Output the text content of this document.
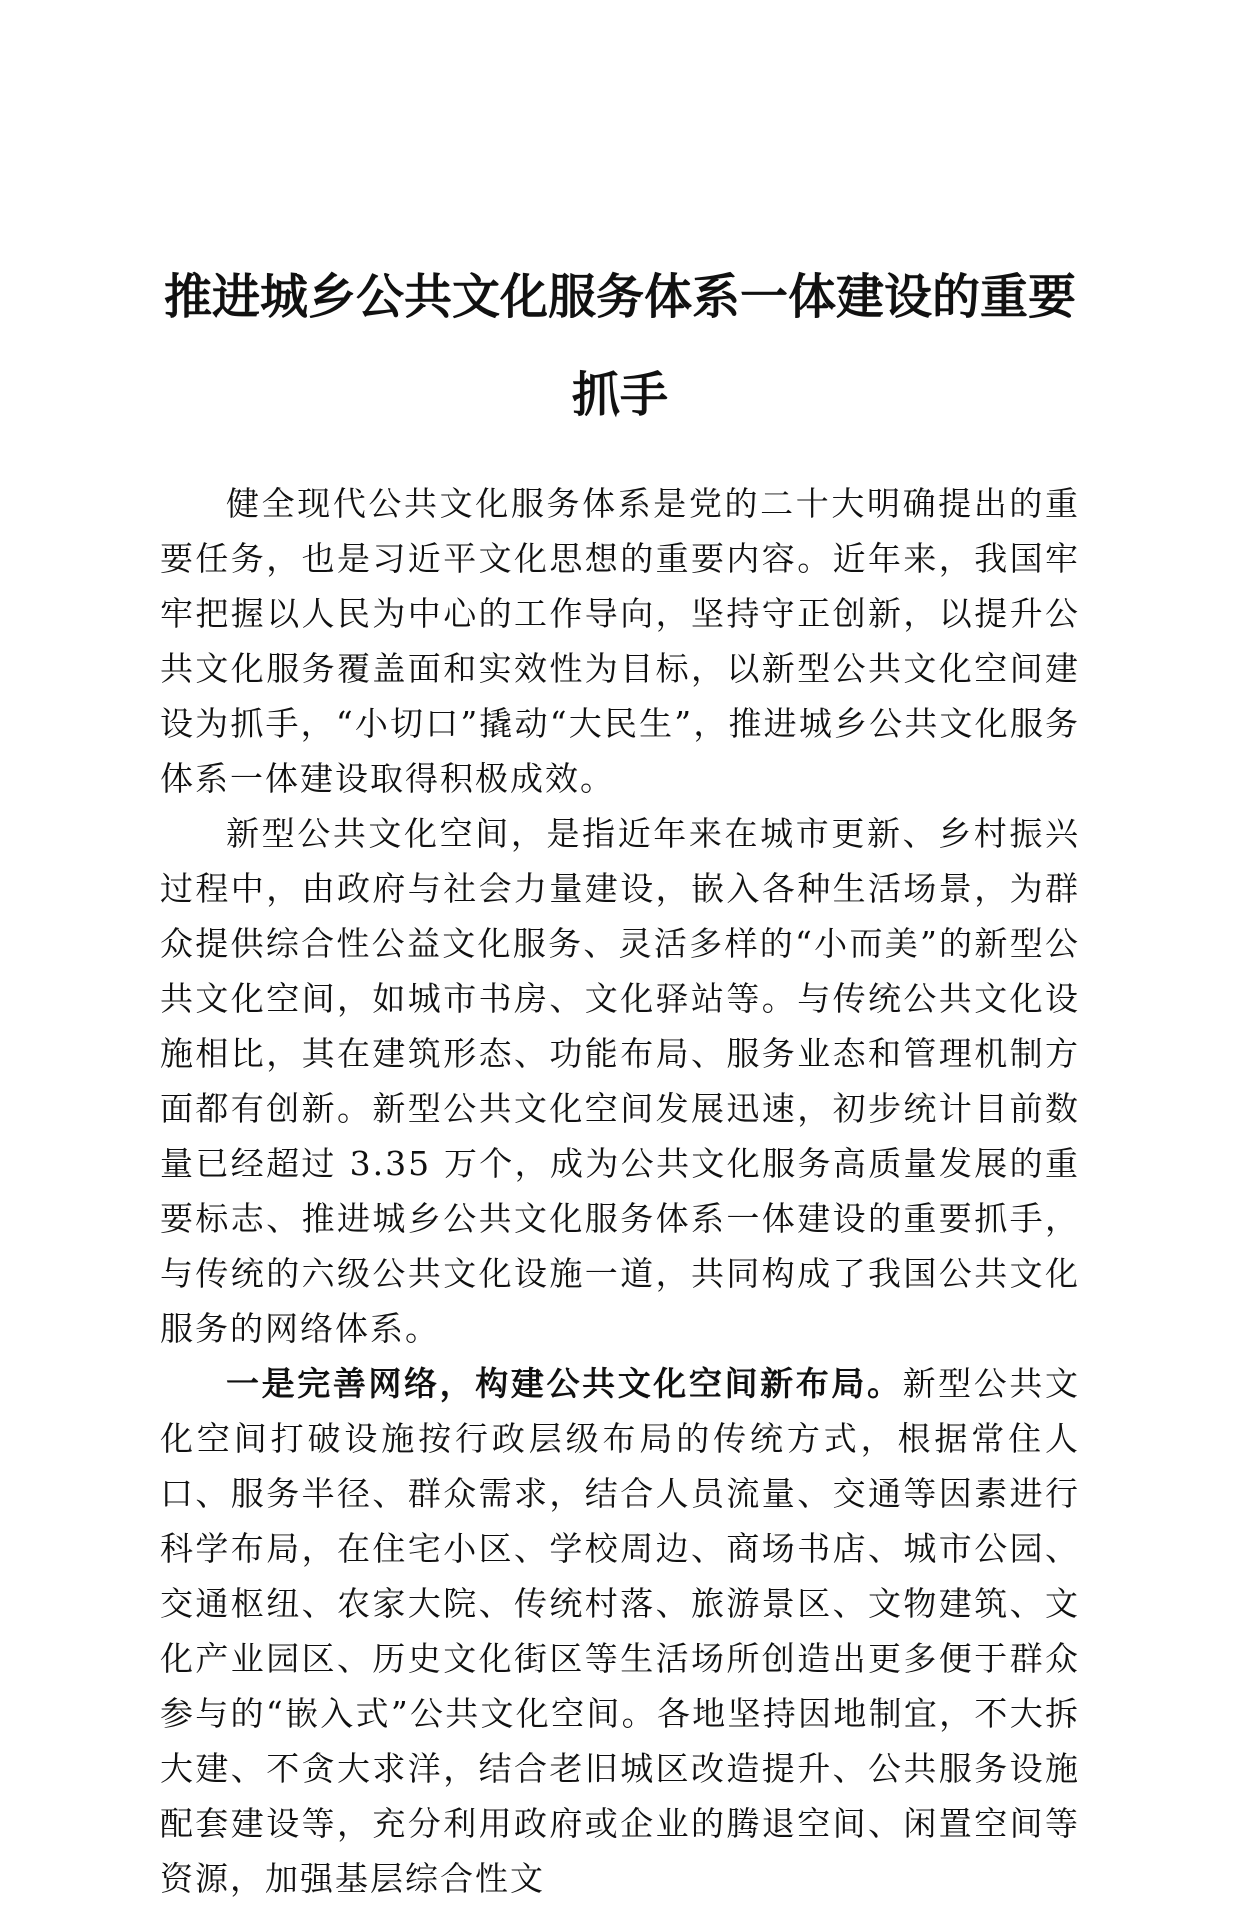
推进城乡公共文化服务体系一体建设的重要抓手

健全现代公共文化服务体系是党的二十大明确提出的重要任务，也是习近平文化思想的重要内容。近年来，我国牢牢把握以人民为中心的工作导向，坚持守正创新，以提升公共文化服务覆盖面和实效性为目标，以新型公共文化空间建设为抓手，“小切口”撬动“大民生”，推进城乡公共文化服务体系一体建设取得积极成效。

新型公共文化空间，是指近年来在城市更新、乡村振兴过程中，由政府与社会力量建设，嵌入各种生活场景，为群众提供综合性公益文化服务、灵活多样的“小而美”的新型公共文化空间，如城市书房、文化驿站等。与传统公共文化设施相比，其在建筑形态、功能布局、服务业态和管理机制方面都有创新。新型公共文化空间发展迅速，初步统计目前数量已经超过 3.35 万个，成为公共文化服务高质量发展的重要标志、推进城乡公共文化服务体系一体建设的重要抓手，与传统的六级公共文化设施一道，共同构成了我国公共文化服务的网络体系。

一是完善网络，构建公共文化空间新布局。新型公共文化空间打破设施按行政层级布局的传统方式，根据常住人口、服务半径、群众需求，结合人员流量、交通等因素进行科学布局，在住宅小区、学校周边、商场书店、城市公园、交通枢纽、农家大院、传统村落、旅游景区、文物建筑、文化产业园区、历史文化街区等生活场所创造出更多便于群众参与的“嵌入式”公共文化空间。各地坚持因地制宜，不大拆大建、不贪大求洋，结合老旧城区改造提升、公共服务设施配套建设等，充分利用政府或企业的腾退空间、闲置空间等资源，加强基层综合性文
